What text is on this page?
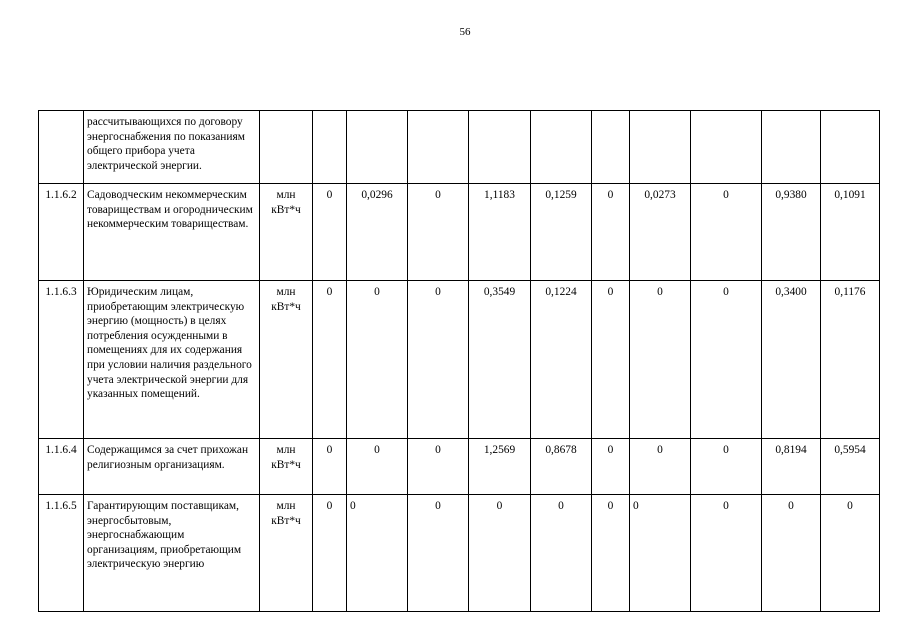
56
	рассчитывающихся по договору энергоснабжения по показаниям общего прибора учета электрической энергии.											
1.1.6.2	Садоводческим некоммерческим товариществам и огородническим некоммерческим товариществам.	млн кВт*ч	0	0,0296	0	1,1183	0,1259	0	0,0273	0	0,9380	0,1091
1.1.6.3	Юридическим лицам, приобретающим электрическую энергию (мощность) в целях потребления осужденными в помещениях для их содержания при условии наличия раздельного учета электрической энергии для указанных помещений.	млн кВт*ч	0	0	0	0,3549	0,1224	0	0	0	0,3400	0,1176
1.1.6.4	Содержащимся за счет прихожан религиозным организациям.	млн кВт*ч	0	0	0	1,2569	0,8678	0	0	0	0,8194	0,5954
1.1.6.5	Гарантирующим поставщикам, энергосбытовым, энергоснабжающим организациям, приобретающим электрическую энергию	млн кВт*ч	0	0	0	0	0	0	0	0	0	0
